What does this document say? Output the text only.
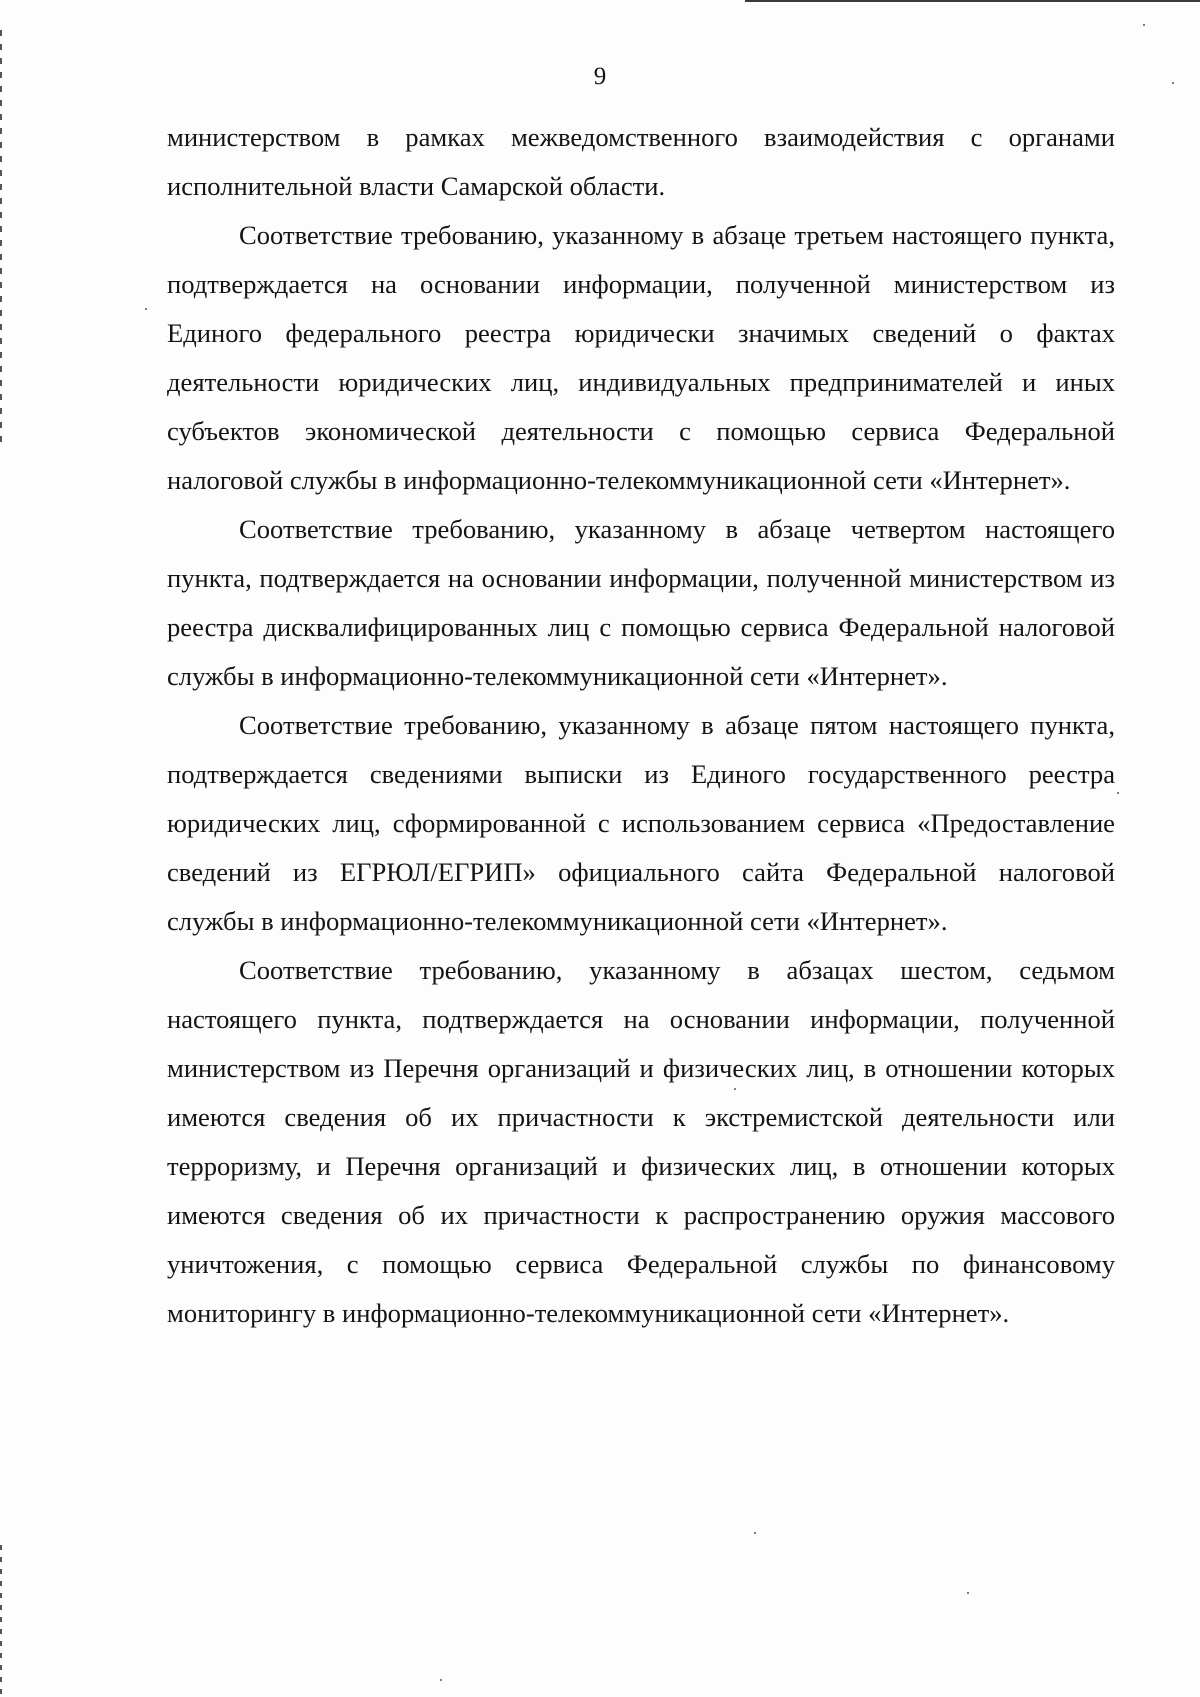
9

министерством в рамках межведомственного взаимодействия с органами исполнительной власти Самарской области.

Соответствие требованию, указанному в абзаце третьем настоящего пункта, подтверждается на основании информации, полученной министерством из Единого федерального реестра юридически значимых сведений о фактах деятельности юридических лиц, индивидуальных предпринимателей и иных субъектов экономической деятельности с помощью сервиса Федеральной налоговой службы в информационно-телекоммуникационной сети «Интернет».

Соответствие требованию, указанному в абзаце четвертом настоящего пункта, подтверждается на основании информации, полученной министерством из реестра дисквалифицированных лиц с помощью сервиса Федеральной налоговой службы в информационно-телекоммуникационной сети «Интернет».

Соответствие требованию, указанному в абзаце пятом настоящего пункта, подтверждается сведениями выписки из Единого государственного реестра юридических лиц, сформированной с использованием сервиса «Предоставление сведений из ЕГРЮЛ/ЕГРИП» официального сайта Федеральной налоговой службы в информационно-телекоммуникационной сети «Интернет».

Соответствие требованию, указанному в абзацах шестом, седьмом настоящего пункта, подтверждается на основании информации, полученной министерством из Перечня организаций и физических лиц, в отношении которых имеются сведения об их причастности к экстремистской деятельности или терроризму, и Перечня организаций и физических лиц, в отношении которых имеются сведения об их причастности к распространению оружия массового уничтожения, с помощью сервиса Федеральной службы по финансовому мониторингу в информационно-телекоммуникационной сети «Интернет».
